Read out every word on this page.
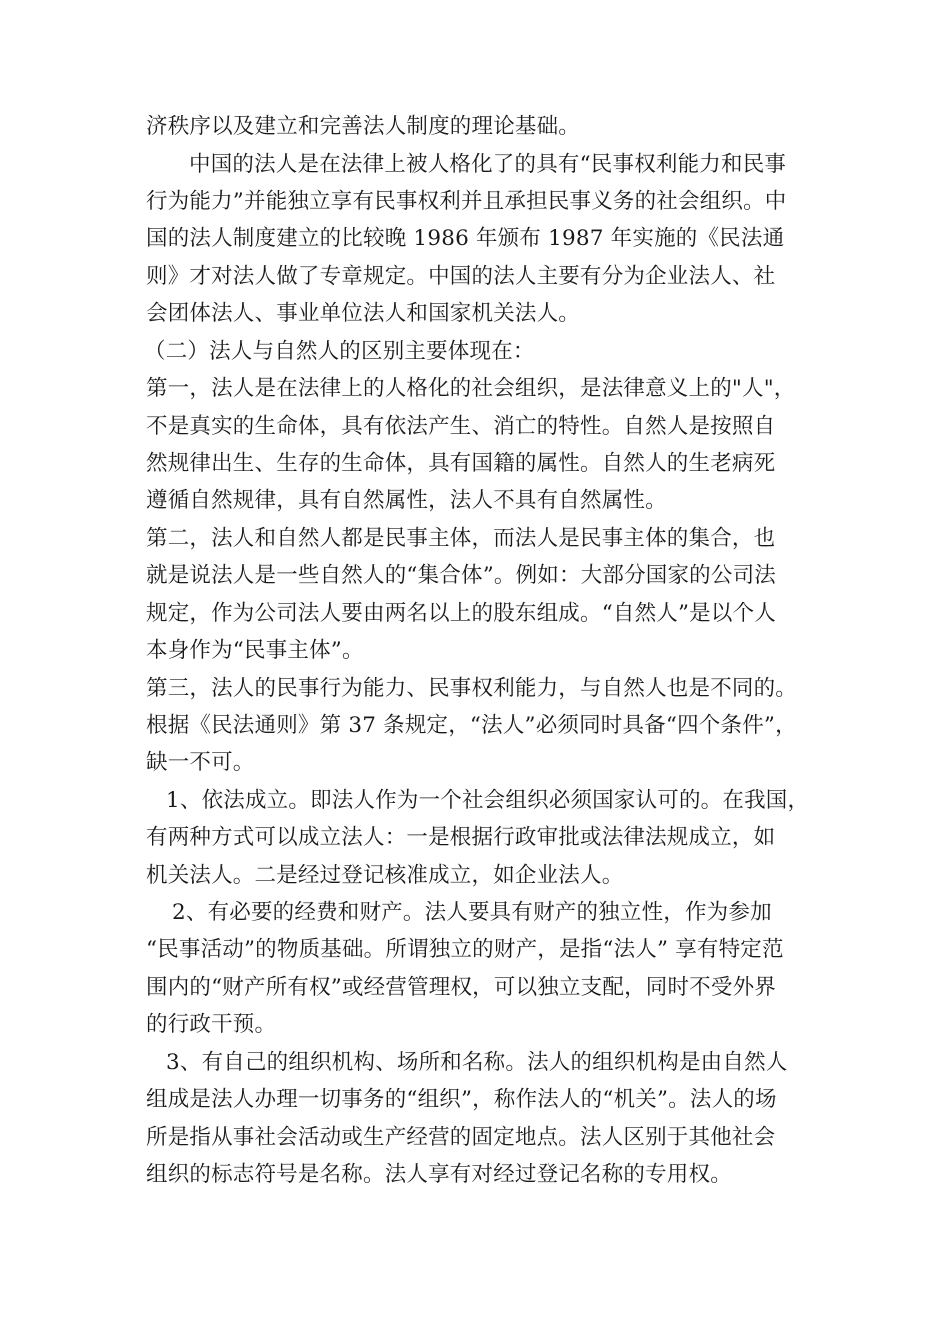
济秩序以及建立和完善法人制度的理论基础。
中国的法人是在法律上被人格化了的具有“民事权利能力和民事
行为能力”并能独立享有民事权利并且承担民事义务的社会组织。中
国的法人制度建立的比较晚 1986 年颁布 1987 年实施的《民法通
则》才对法人做了专章规定。中国的法人主要有分为企业法人、社
会团体法人、事业单位法人和国家机关法人。
（二）法人与自然人的区别主要体现在：
第一，法人是在法律上的人格化的社会组织，是法律意义上的"人"，
不是真实的生命体，具有依法产生、消亡的特性。自然人是按照自
然规律出生、生存的生命体，具有国籍的属性。自然人的生老病死
遵循自然规律，具有自然属性，法人不具有自然属性。
第二，法人和自然人都是民事主体，而法人是民事主体的集合，也
就是说法人是一些自然人的“集合体”。例如：大部分国家的公司法
规定，作为公司法人要由两名以上的股东组成。“自然人”是以个人
本身作为“民事主体”。
第三，法人的民事行为能力、民事权利能力，与自然人也是不同的。
根据《民法通则》第 37 条规定，“法人”必须同时具备“四个条件”，
缺一不可。
1、依法成立。即法人作为一个社会组织必须国家认可的。在我国，
有两种方式可以成立法人：一是根据行政审批或法律法规成立，如
机关法人。二是经过登记核准成立，如企业法人。
2、有必要的经费和财产。法人要具有财产的独立性，作为参加
“民事活动”的物质基础。所谓独立的财产，是指“法人” 享有特定范
围内的“财产所有权”或经营管理权，可以独立支配，同时不受外界
的行政干预。
3、有自己的组织机构、场所和名称。法人的组织机构是由自然人
组成是法人办理一切事务的“组织”，称作法人的“机关”。法人的场
所是指从事社会活动或生产经营的固定地点。法人区别于其他社会
组织的标志符号是名称。法人享有对经过登记名称的专用权。
